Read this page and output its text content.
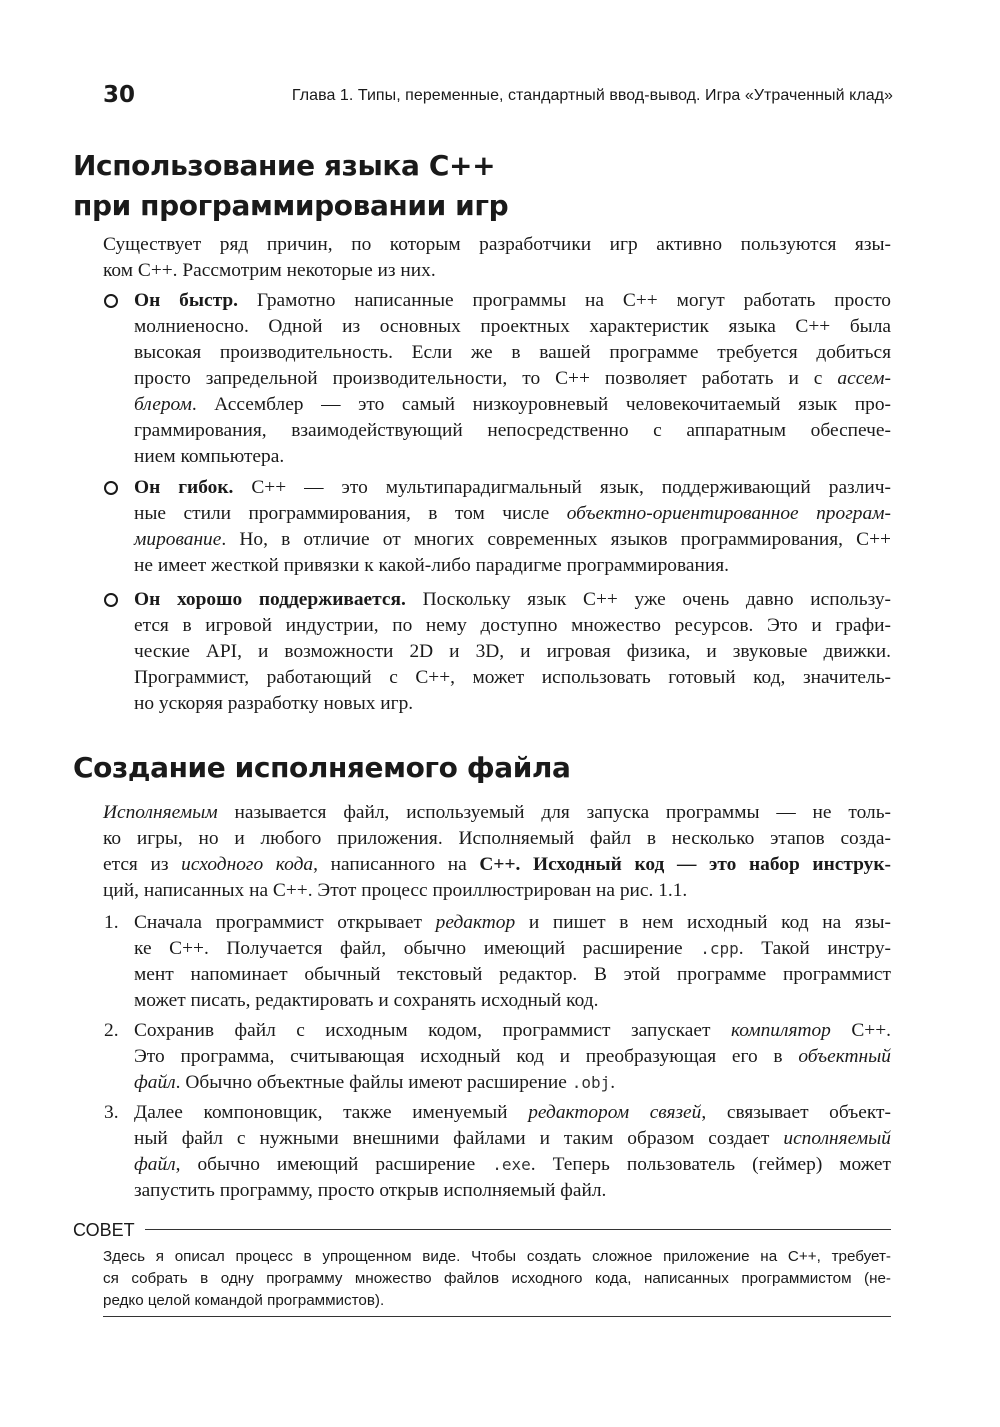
30	Глава 1. Типы, переменные, стандартный ввод-вывод. Игра «Утраченный клад»
Использование языка С++
при программировании игр
Существует ряд причин, по которым разработчики игр активно пользуются язы-
ком С++. Рассмотрим некоторые из них.
Он быстр. Грамотно написанные программы на С++ могут работать просто
молниеносно. Одной из основных проектных характеристик языка С++ была
высокая производительность. Если же в вашей программе требуется добиться
просто запредельной производительности, то С++ позволяет работать и с ассем-
блером. Ассемблер — это самый низкоуровневый человекочитаемый язык про-
граммирования, взаимодействующий непосредственно с аппаратным обеспече-
нием компьютера.
Он гибок. С++ — это мультипарадигмальный язык, поддерживающий различ-
ные стили программирования, в том числе объектно-ориентированное програм-
мирование. Но, в отличие от многих современных языков программирования, С++
не имеет жесткой привязки к какой-либо парадигме программирования.
Он хорошо поддерживается. Поскольку язык С++ уже очень давно использу-
ется в игровой индустрии, по нему доступно множество ресурсов. Это и графи-
ческие API, и возможности 2D и 3D, и игровая физика, и звуковые движки.
Программист, работающий с С++, может использовать готовый код, значитель-
но ускоряя разработку новых игр.
Создание исполняемого файла
Исполняемым называется файл, используемый для запуска программы — не толь-
ко игры, но и любого приложения. Исполняемый файл в несколько этапов созда-
ется из исходного кода, написанного на С++. Исходный код — это набор инструк-
ций, написанных на С++. Этот процесс проиллюстрирован на рис. 1.1.
1. Сначала программист открывает редактор и пишет в нем исходный код на язы-
ке С++. Получается файл, обычно имеющий расширение .cpp. Такой инстру-
мент напоминает обычный текстовый редактор. В этой программе программист
может писать, редактировать и сохранять исходный код.
2. Сохранив файл с исходным кодом, программист запускает компилятор С++.
Это программа, считывающая исходный код и преобразующая его в объектный
файл. Обычно объектные файлы имеют расширение .obj.
3. Далее компоновщик, также именуемый редактором связей, связывает объект-
ный файл с нужными внешними файлами и таким образом создает исполняемый
файл, обычно имеющий расширение .exe. Теперь пользователь (геймер) может
запустить программу, просто открыв исполняемый файл.
СОВЕТ
Здесь я описал процесс в упрощенном виде. Чтобы создать сложное приложение на С++, требует-
ся собрать в одну программу множество файлов исходного кода, написанных программистом (не-
редко целой командой программистов).
